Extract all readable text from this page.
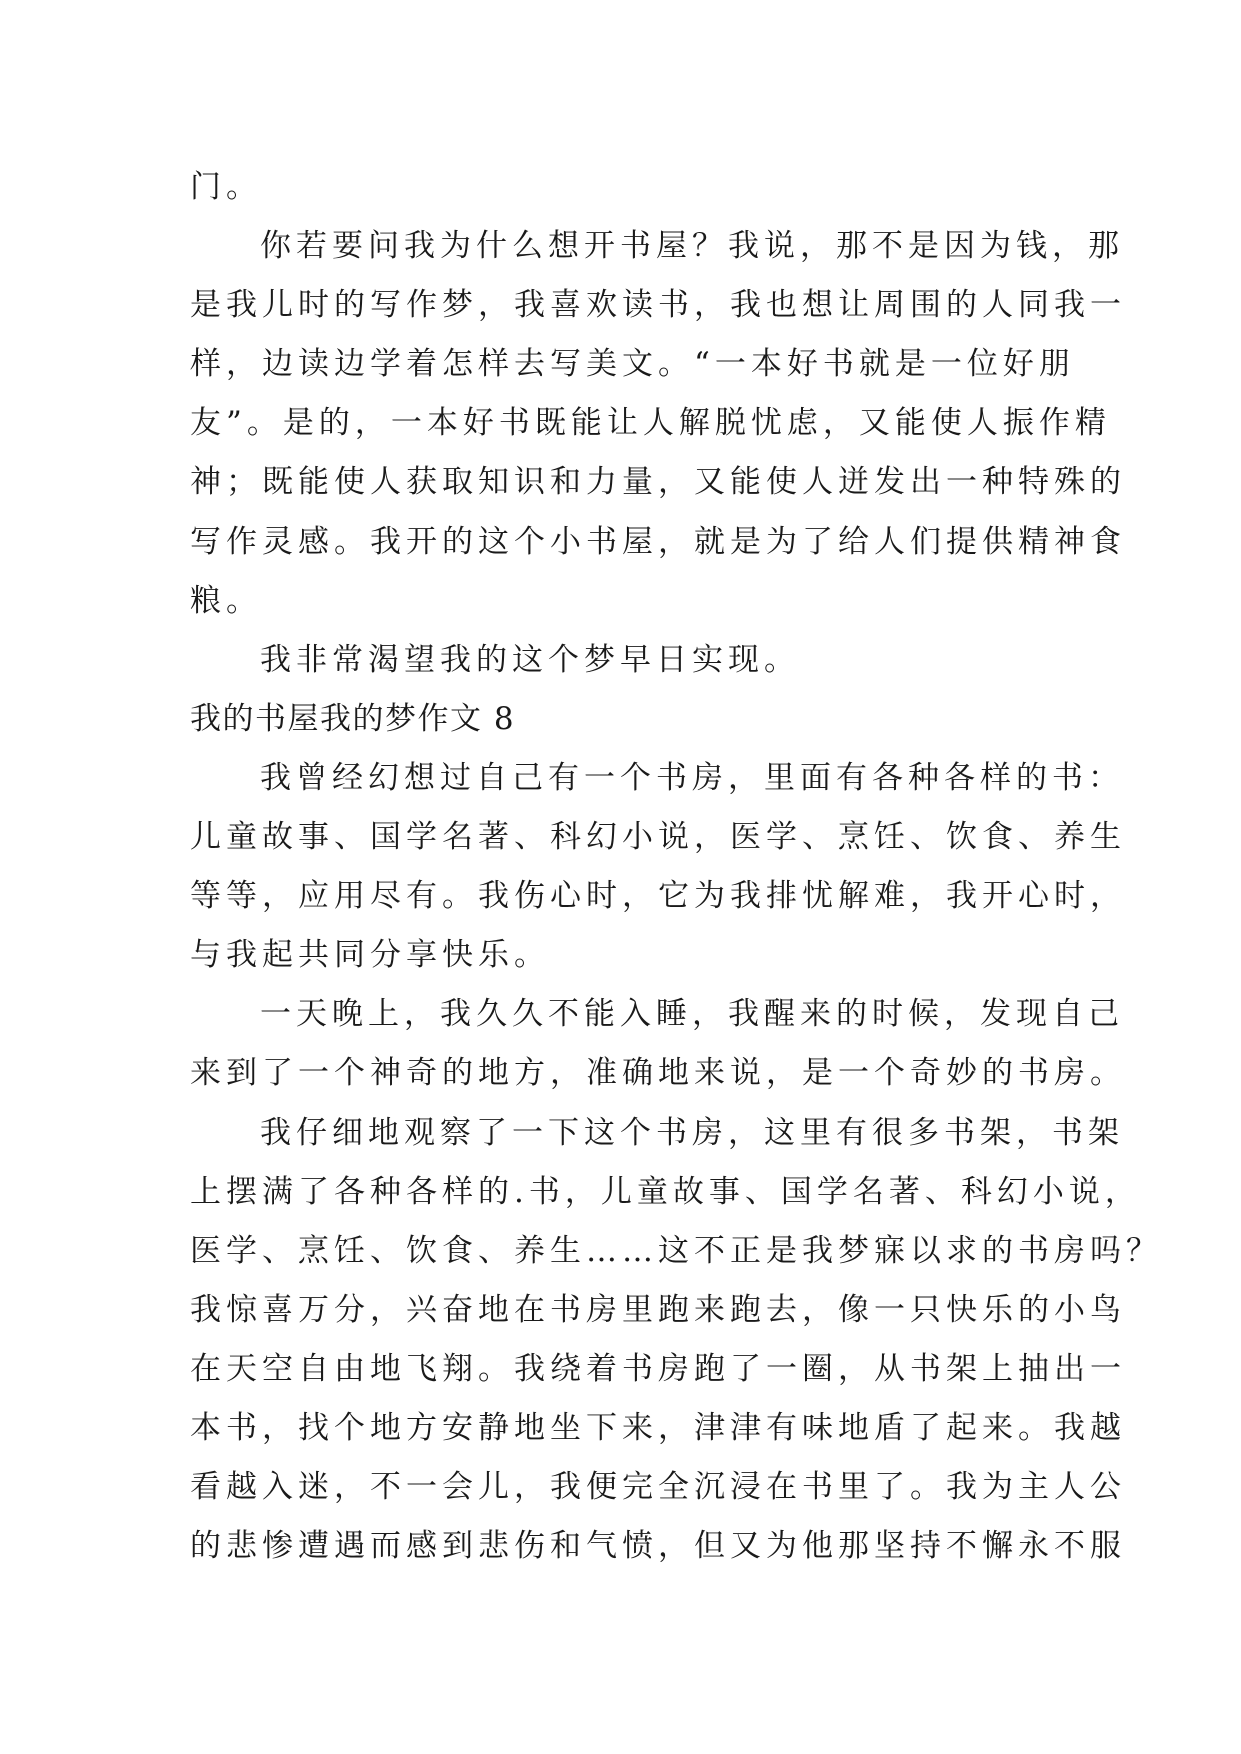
门。
你若要问我为什么想开书屋？我说，那不是因为钱，那
是我儿时的写作梦，我喜欢读书，我也想让周围的人同我一
样，边读边学着怎样去写美文。“一本好书就是一位好朋
友”。是的，一本好书既能让人解脱忧虑，又能使人振作精
神；既能使人获取知识和力量，又能使人迸发出一种特殊的
写作灵感。我开的这个小书屋，就是为了给人们提供精神食
粮。
我非常渴望我的这个梦早日实现。
我的书屋我的梦作文 8
我曾经幻想过自己有一个书房，里面有各种各样的书：
儿童故事、国学名著、科幻小说，医学、烹饪、饮食、养生
等等，应用尽有。我伤心时，它为我排忧解难，我开心时，
与我起共同分享快乐。
一天晚上，我久久不能入睡，我醒来的时候，发现自己
来到了一个神奇的地方，准确地来说，是一个奇妙的书房。
我仔细地观察了一下这个书房，这里有很多书架，书架
上摆满了各种各样的.书，儿童故事、国学名著、科幻小说，
医学、烹饪、饮食、养生……这不正是我梦寐以求的书房吗？
我惊喜万分，兴奋地在书房里跑来跑去，像一只快乐的小鸟
在天空自由地飞翔。我绕着书房跑了一圈，从书架上抽出一
本书，找个地方安静地坐下来，津津有味地盾了起来。我越
看越入迷，不一会儿，我便完全沉浸在书里了。我为主人公
的悲惨遭遇而感到悲伤和气愤，但又为他那坚持不懈永不服
